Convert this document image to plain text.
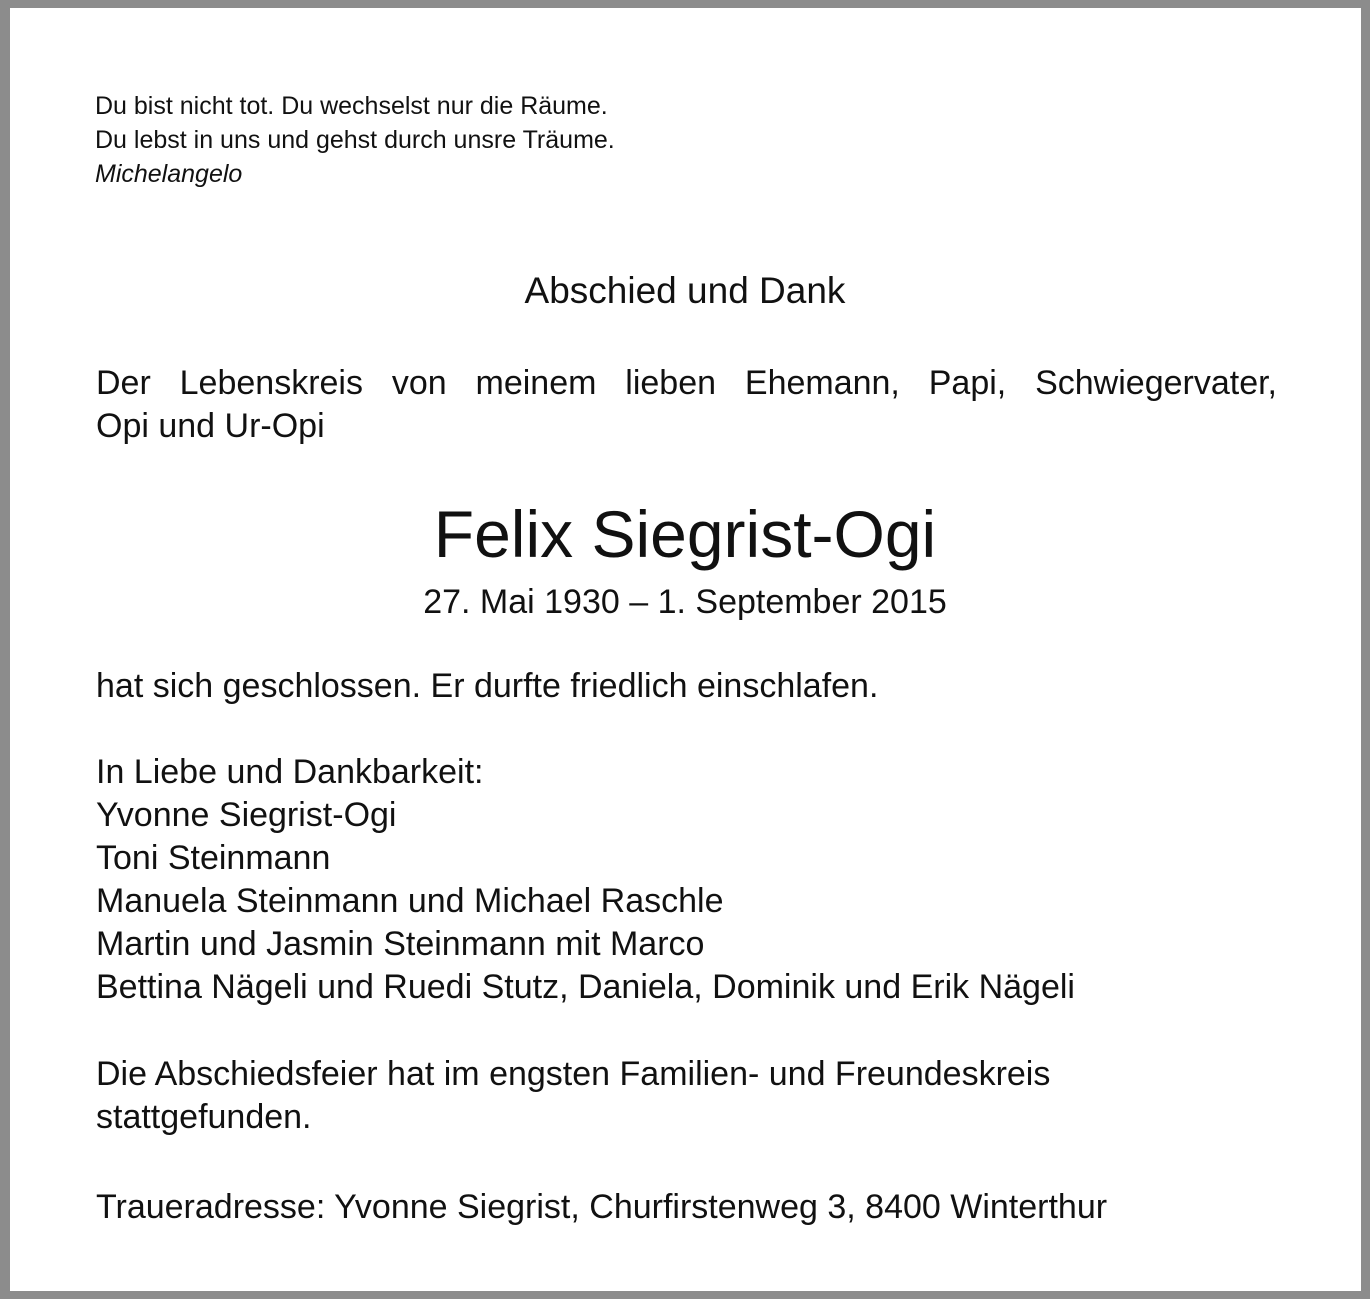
Du bist nicht tot. Du wechselst nur die Räume.
Du lebst in uns und gehst durch unsre Träume.
Michelangelo
Abschied und Dank
Der Lebenskreis von meinem lieben Ehemann, Papi, Schwiegervater,
Opi und Ur-Opi
Felix Siegrist-Ogi
27. Mai 1930 – 1. September 2015
hat sich geschlossen. Er durfte friedlich einschlafen.
In Liebe und Dankbarkeit:
Yvonne Siegrist-Ogi
Toni Steinmann
Manuela Steinmann und Michael Raschle
Martin und Jasmin Steinmann mit Marco
Bettina Nägeli und Ruedi Stutz, Daniela, Dominik und Erik Nägeli
Die Abschiedsfeier hat im engsten Familien- und Freundeskreis
stattgefunden.
Traueradresse: Yvonne Siegrist, Churfirstenweg 3, 8400 Winterthur
